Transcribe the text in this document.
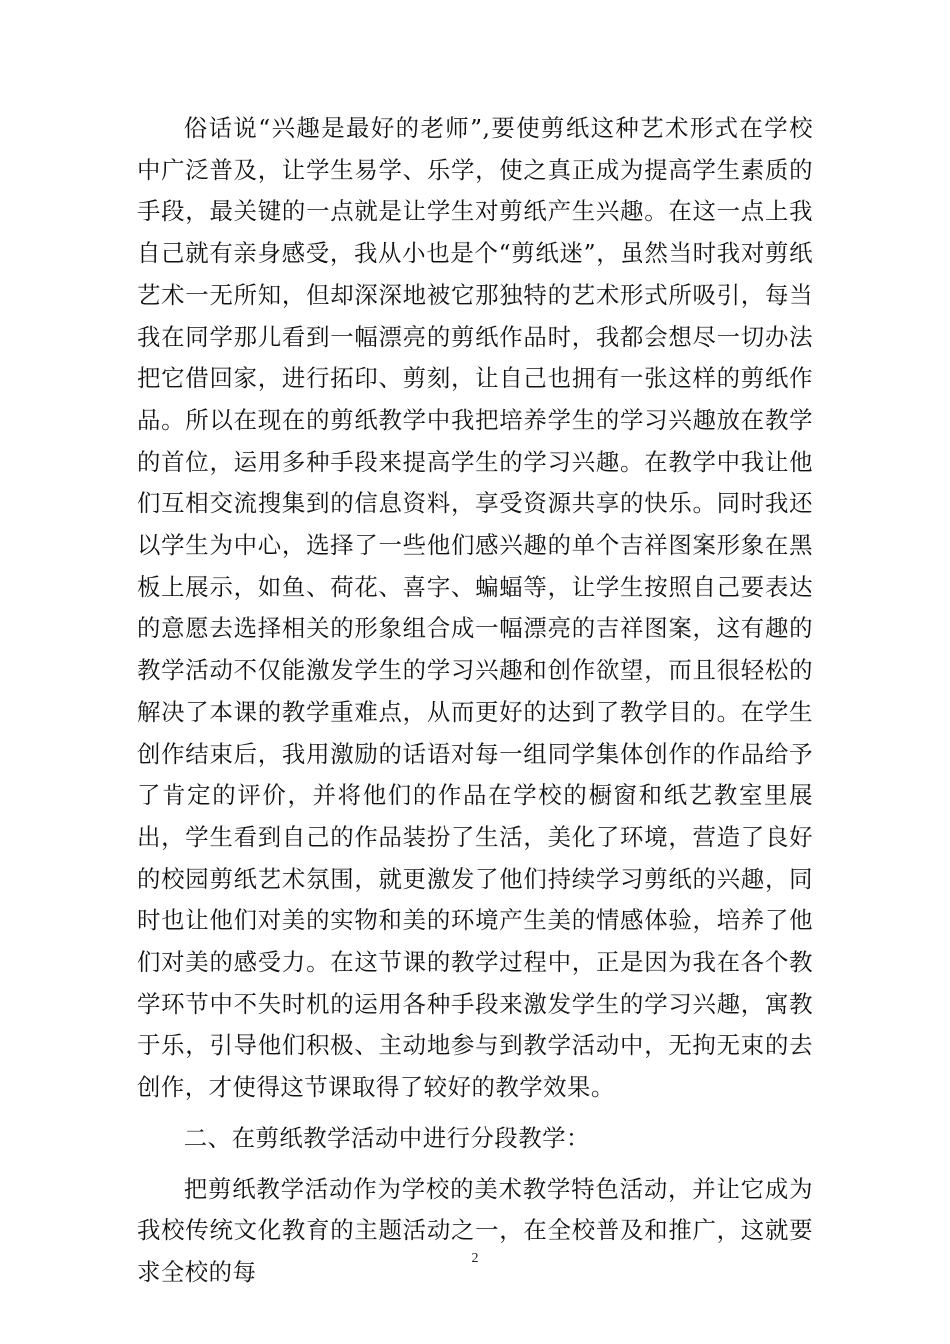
俗话说“兴趣是最好的老师”,要使剪纸这种艺术形式在学校中广泛普及，让学生易学、乐学，使之真正成为提高学生素质的手段，最关键的一点就是让学生对剪纸产生兴趣。在这一点上我自己就有亲身感受，我从小也是个“剪纸迷”，虽然当时我对剪纸艺术一无所知，但却深深地被它那独特的艺术形式所吸引，每当我在同学那儿看到一幅漂亮的剪纸作品时，我都会想尽一切办法把它借回家，进行拓印、剪刻，让自己也拥有一张这样的剪纸作品。所以在现在的剪纸教学中我把培养学生的学习兴趣放在教学的首位，运用多种手段来提高学生的学习兴趣。在教学中我让他们互相交流搜集到的信息资料，享受资源共享的快乐。同时我还以学生为中心，选择了一些他们感兴趣的单个吉祥图案形象在黑板上展示，如鱼、荷花、喜字、蝙蝠等，让学生按照自己要表达的意愿去选择相关的形象组合成一幅漂亮的吉祥图案，这有趣的教学活动不仅能激发学生的学习兴趣和创作欲望，而且很轻松的解决了本课的教学重难点，从而更好的达到了教学目的。在学生创作结束后，我用激励的话语对每一组同学集体创作的作品给予了肯定的评价，并将他们的作品在学校的橱窗和纸艺教室里展出，学生看到自己的作品装扮了生活，美化了环境，营造了良好的校园剪纸艺术氛围，就更激发了他们持续学习剪纸的兴趣，同时也让他们对美的实物和美的环境产生美的情感体验，培养了他们对美的感受力。在这节课的教学过程中，正是因为我在各个教学环节中不失时机的运用各种手段来激发学生的学习兴趣，寓教于乐，引导他们积极、主动地参与到教学活动中，无拘无束的去创作，才使得这节课取得了较好的教学效果。

二、在剪纸教学活动中进行分段教学：

把剪纸教学活动作为学校的美术教学特色活动，并让它成为我校传统文化教育的主题活动之一，在全校普及和推广，这就要求全校的每	2
